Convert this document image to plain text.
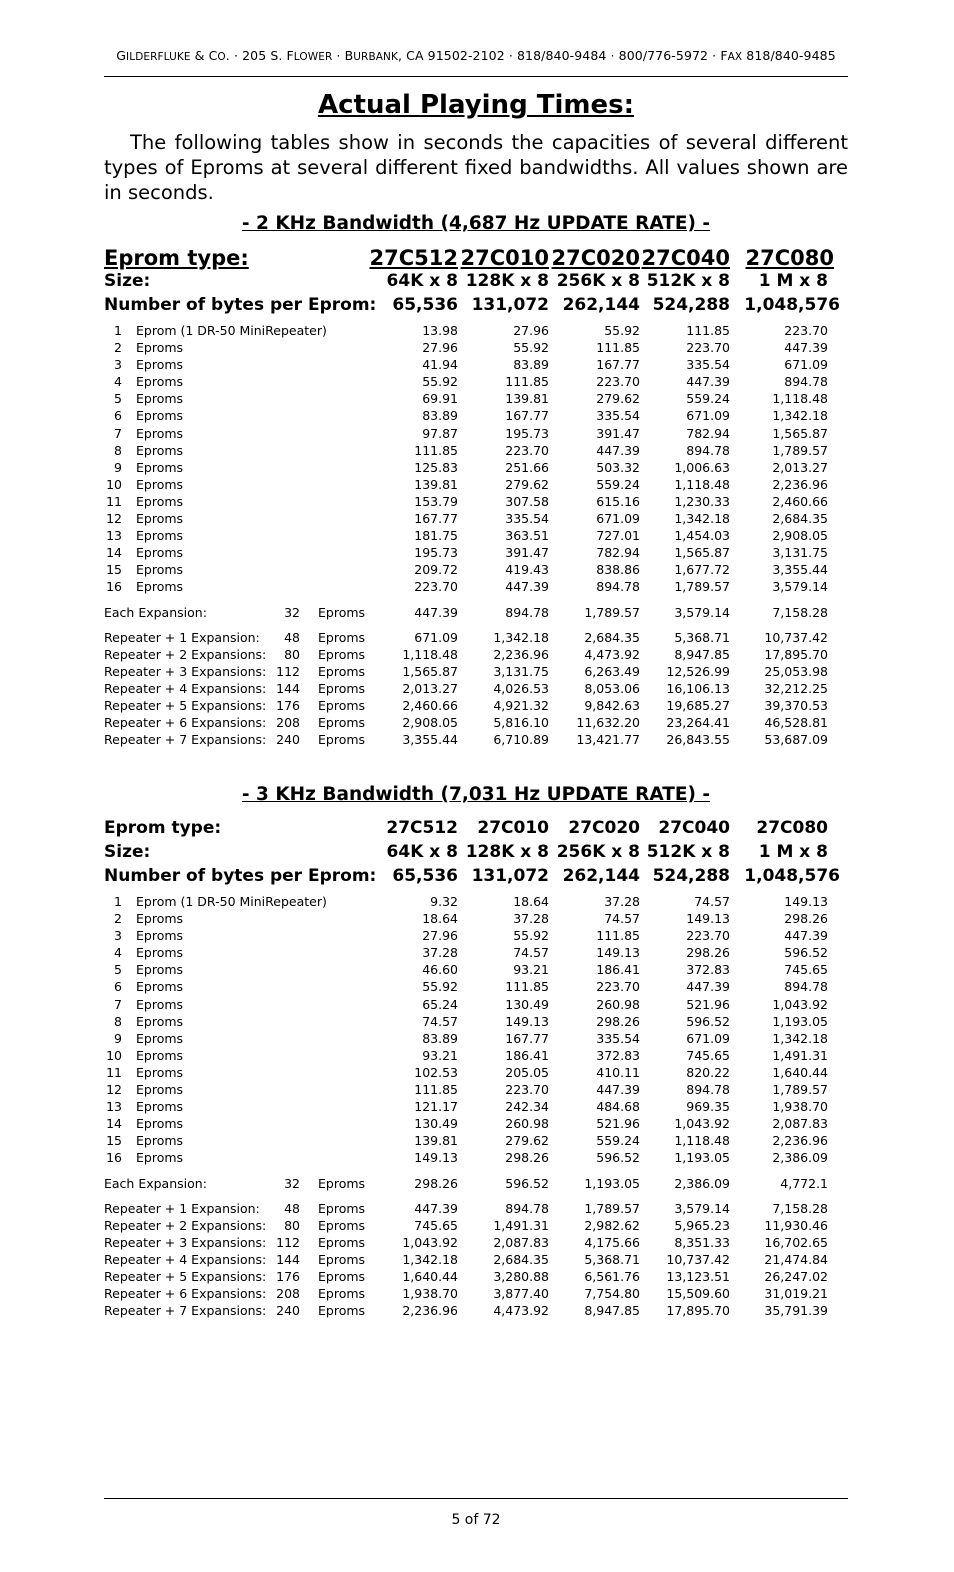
GILDERFLUKE & CO. · 205 S. FLOWER · BURBANK, CA 91502-2102 · 818/840-9484 · 800/776-5972 · FAX 818/840-9485
Actual Playing Times:
The following tables show in seconds the capacities of several different types of Eproms at several different fixed bandwidths. All values shown are in seconds.
- 2 KHz Bandwidth (4,687 Hz UPDATE RATE) -
Eprom type:	27C512 27C010 27C020 27C040 27C080
Size:	64K x 8 128K x 8 256K x 8 512K x 8 1 M x 8
Number of bytes per Eprom: 65,536 131,072 262,144 524,288 1,048,576
1 Eprom (1 DR-50 MiniRepeater)	13.98	27.96	55.92	111.85	223.70
2 Eproms	27.96	55.92	111.85	223.70	447.39
3 Eproms	41.94	83.89	167.77	335.54	671.09
4 Eproms	55.92	111.85	223.70	447.39	894.78
5 Eproms	69.91	139.81	279.62	559.24	1,118.48
6 Eproms	83.89	167.77	335.54	671.09	1,342.18
7 Eproms	97.87	195.73	391.47	782.94	1,565.87
8 Eproms	111.85	223.70	447.39	894.78	1,789.57
9 Eproms	125.83	251.66	503.32	1,006.63	2,013.27
10 Eproms	139.81	279.62	559.24	1,118.48	2,236.96
11 Eproms	153.79	307.58	615.16	1,230.33	2,460.66
12 Eproms	167.77	335.54	671.09	1,342.18	2,684.35
13 Eproms	181.75	363.51	727.01	1,454.03	2,908.05
14 Eproms	195.73	391.47	782.94	1,565.87	3,131.75
15 Eproms	209.72	419.43	838.86	1,677.72	3,355.44
16 Eproms	223.70	447.39	894.78	1,789.57	3,579.14
Each Expansion:	32 Eproms	447.39	894.78	1,789.57	3,579.14	7,158.28
Repeater + 1 Expansion:	48 Eproms	671.09	1,342.18	2,684.35	5,368.71	10,737.42
Repeater + 2 Expansions:	80 Eproms	1,118.48	2,236.96	4,473.92	8,947.85	17,895.70
Repeater + 3 Expansions: 112 Eproms	1,565.87	3,131.75	6,263.49 12,526.99	25,053.98
Repeater + 4 Expansions: 144 Eproms	2,013.27	4,026.53	8,053.06 16,106.13	32,212.25
Repeater + 5 Expansions: 176 Eproms	2,460.66	4,921.32	9,842.63 19,685.27	39,370.53
Repeater + 6 Expansions: 208 Eproms	2,908.05	5,816.10 11,632.20 23,264.41	46,528.81
Repeater + 7 Expansions: 240 Eproms	3,355.44	6,710.89 13,421.77 26,843.55	53,687.09
- 3 KHz Bandwidth (7,031 Hz UPDATE RATE) -
Eprom type:	27C512 27C010 27C020 27C040 27C080
Size:	64K x 8 128K x 8 256K x 8 512K x 8 1 M x 8
Number of bytes per Eprom: 65,536 131,072 262,144 524,288 1,048,576
1 Eprom (1 DR-50 MiniRepeater)	9.32	18.64	37.28	74.57	149.13
2 Eproms	18.64	37.28	74.57	149.13	298.26
3 Eproms	27.96	55.92	111.85	223.70	447.39
4 Eproms	37.28	74.57	149.13	298.26	596.52
5 Eproms	46.60	93.21	186.41	372.83	745.65
6 Eproms	55.92	111.85	223.70	447.39	894.78
7 Eproms	65.24	130.49	260.98	521.96	1,043.92
8 Eproms	74.57	149.13	298.26	596.52	1,193.05
9 Eproms	83.89	167.77	335.54	671.09	1,342.18
10 Eproms	93.21	186.41	372.83	745.65	1,491.31
11 Eproms	102.53	205.05	410.11	820.22	1,640.44
12 Eproms	111.85	223.70	447.39	894.78	1,789.57
13 Eproms	121.17	242.34	484.68	969.35	1,938.70
14 Eproms	130.49	260.98	521.96	1,043.92	2,087.83
15 Eproms	139.81	279.62	559.24	1,118.48	2,236.96
16 Eproms	149.13	298.26	596.52	1,193.05	2,386.09
Each Expansion:	32 Eproms	298.26	596.52	1,193.05	2,386.09	4,772.1
Repeater + 1 Expansion:	48 Eproms	447.39	894.78	1,789.57	3,579.14	7,158.28
Repeater + 2 Expansions:	80 Eproms	745.65	1,491.31	2,982.62	5,965.23	11,930.46
Repeater + 3 Expansions: 112 Eproms	1,043.92	2,087.83	4,175.66	8,351.33	16,702.65
Repeater + 4 Expansions: 144 Eproms	1,342.18	2,684.35	5,368.71 10,737.42	21,474.84
Repeater + 5 Expansions: 176 Eproms	1,640.44	3,280.88	6,561.76 13,123.51	26,247.02
Repeater + 6 Expansions: 208 Eproms	1,938.70	3,877.40	7,754.80 15,509.60	31,019.21
Repeater + 7 Expansions: 240 Eproms	2,236.96	4,473.92	8,947.85 17,895.70	35,791.39
5 of 72
